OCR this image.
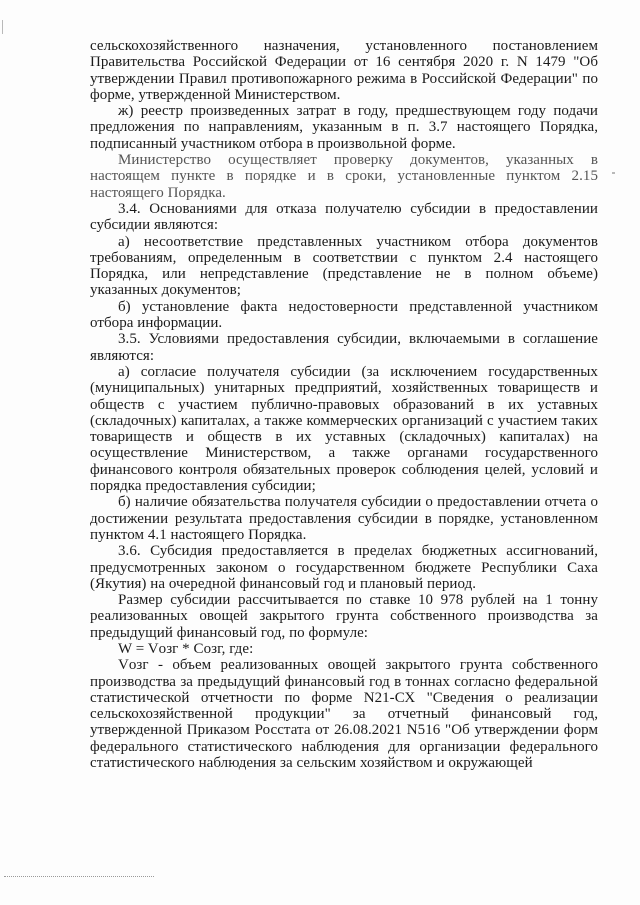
сельскохозяйственного назначения, установленного постановлением Правительства Российской Федерации от 16 сентября 2020 г. N 1479 "Об утверждении Правил противопожарного режима в Российской Федерации" по форме, утвержденной Министерством.

ж) реестр произведенных затрат в году, предшествующем году подачи предложения по направлениям, указанным в п. 3.7 настоящего Порядка, подписанный участником отбора в произвольной форме.

Министерство осуществляет проверку документов, указанных в настоящем пункте в порядке и в сроки, установленные пунктом 2.15 настоящего Порядка.

3.4. Основаниями для отказа получателю субсидии в предоставлении субсидии являются:

а) несоответствие представленных участником отбора документов требованиям, определенным в соответствии с пунктом 2.4 настоящего Порядка, или непредставление (представление не в полном объеме) указанных документов;

б) установление факта недостоверности представленной участником отбора информации.

3.5. Условиями предоставления субсидии, включаемыми в соглашение являются:

а) согласие получателя субсидии (за исключением государственных (муниципальных) унитарных предприятий, хозяйственных товариществ и обществ с участием публично-правовых образований в их уставных (складочных) капиталах, а также коммерческих организаций с участием таких товариществ и обществ в их уставных (складочных) капиталах) на осуществление Министерством, а также органами государственного финансового контроля обязательных проверок соблюдения целей, условий и порядка предоставления субсидии;

б) наличие обязательства получателя субсидии о предоставлении отчета о достижении результата предоставления субсидии в порядке, установленном пунктом 4.1 настоящего Порядка.

3.6. Субсидия предоставляется в пределах бюджетных ассигнований, предусмотренных законом о государственном бюджете Республики Саха (Якутия) на очередной финансовый год и плановый период.

Размер субсидии рассчитывается по ставке 10 978 рублей на 1 тонну реализованных овощей закрытого грунта собственного производства за предыдущий финансовый год, по формуле:

W = Vозг * Cозг, где:

Vозг - объем реализованных овощей закрытого грунта собственного производства за предыдущий финансовый год в тоннах согласно федеральной статистической отчетности по форме N21-СХ "Сведения о реализации сельскохозяйственной продукции" за отчетный финансовый год, утвержденной Приказом Росстата от 26.08.2021 N516 "Об утверждении форм федерального статистического наблюдения для организации федерального статистического наблюдения за сельским хозяйством и окружающей
